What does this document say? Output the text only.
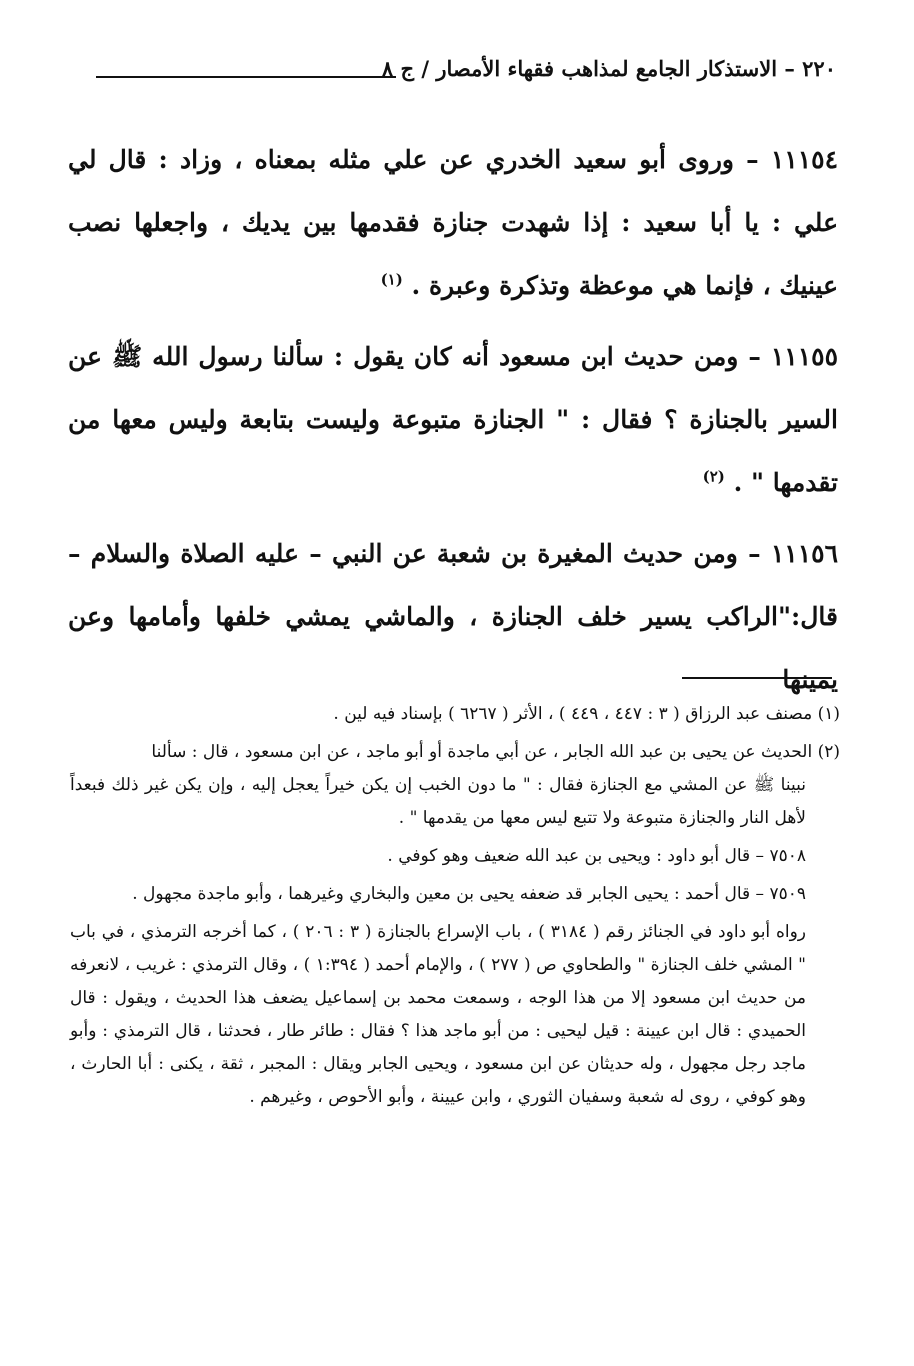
٢٢٠ – الاستذكار الجامع لمذاهب فقهاء الأمصار / ج ٨

١١١٥٤ – وروى أبو سعيد الخدري عن علي مثله بمعناه ، وزاد : قال لي علي : يا أبا سعيد : إذا شهدت جنازة فقدمها بين يديك ، واجعلها نصب عينيك ، فإنما هي موعظة وتذكرة وعبرة . $^{(١)}$

١١١٥٥ – ومن حديث ابن مسعود أنه كان يقول : سألنا رسول الله ﷺ عن السير بالجنازة ؟ فقال : " الجنازة متبوعة وليست بتابعة وليس معها من تقدمها " . $^{(٢)}$

١١١٥٦ – ومن حديث المغيرة بن شعبة عن النبي – عليه الصلاة والسلام – قال:"الراكب يسير خلف الجنازة ، والماشي يمشي خلفها وأمامها وعن يمينها

(١) مصنف عبد الرزاق ( ٣ : ٤٤٧ ، ٤٤٩ ) ، الأثر ( ٦٢٦٧ ) بإسناد فيه لين .

(٢) الحديث عن يحيى بن عبد الله الجابر ، عن أبي ماجدة أو أبو ماجد ، عن ابن مسعود ، قال : سألنا

نبينا ﷺ عن المشي مع الجنازة فقال : " ما دون الخبب إن يكن خيراً يعجل إليه ، وإن يكن غير ذلك فبعداً لأهل النار والجنازة متبوعة ولا تتبع ليس معها من يقدمها " .

٧٥٠٨ – قال أبو داود : ويحيى بن عبد الله ضعيف وهو كوفي .

٧٥٠٩ – قال أحمد : يحيى الجابر قد ضعفه يحيى بن معين والبخاري وغيرهما ، وأبو ماجدة مجهول .

رواه أبو داود في الجنائز رقم ( ٣١٨٤ ) ، باب الإسراع بالجنازة ( ٣ : ٢٠٦ ) ، كما أخرجه الترمذي ، في باب " المشي خلف الجنازة " والطحاوي ص ( ٢٧٧ ) ، والإمام أحمد ( ١:٣٩٤ ) ، وقال الترمذي : غريب ، لانعرفه من حديث ابن مسعود إلا من هذا الوجه ، وسمعت محمد بن إسماعيل يضعف هذا الحديث ، ويقول : قال الحميدي : قال ابن عيينة : قيل ليحيى : من أبو ماجد هذا ؟ فقال : طائر طار ، فحدثنا ، قال الترمذي : وأبو ماجد رجل مجهول ، وله حديثان عن ابن مسعود ، ويحيى الجابر ويقال : المجبر ، ثقة ، يكنى : أبا الحارث ، وهو كوفي ، روى له شعبة وسفيان الثوري ، وابن عيينة ، وأبو الأحوص ، وغيرهم .
